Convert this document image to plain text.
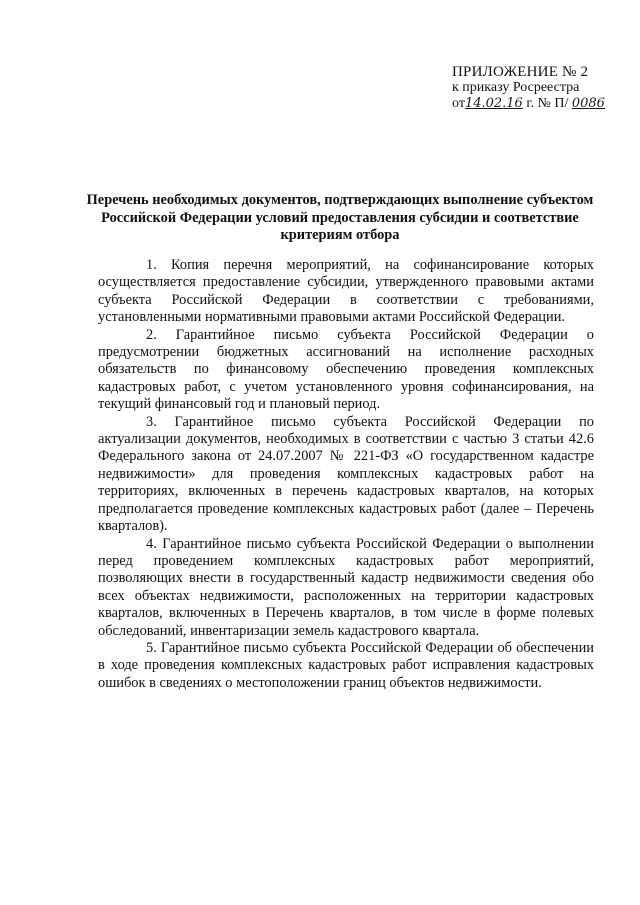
ПРИЛОЖЕНИЕ № 2
к приказу Росреестра
от14.02.16 г. № П/ 0086
Перечень необходимых документов, подтверждающих выполнение субъектом Российской Федерации условий предоставления субсидии и соответствие критериям отбора

1. Копия перечня мероприятий, на софинансирование которых осуществляется предоставление субсидии, утвержденного правовыми актами субъекта Российской Федерации в соответствии с требованиями, установленными нормативными правовыми актами Российской Федерации.

2. Гарантийное письмо субъекта Российской Федерации о предусмотрении бюджетных ассигнований на исполнение расходных обязательств по финансовому обеспечению проведения комплексных кадастровых работ, с учетом установленного уровня софинансирования, на текущий финансовый год и плановый период.

3. Гарантийное письмо субъекта Российской Федерации по актуализации документов, необходимых в соответствии с частью 3 статьи 42.6 Федерального закона от 24.07.2007 № 221-ФЗ «О государственном кадастре недвижимости» для проведения комплексных кадастровых работ на территориях, включенных в перечень кадастровых кварталов, на которых предполагается проведение комплексных кадастровых работ (далее – Перечень кварталов).

4. Гарантийное письмо субъекта Российской Федерации о выполнении перед проведением комплексных кадастровых работ мероприятий, позволяющих внести в государственный кадастр недвижимости сведения обо всех объектах недвижимости, расположенных на территории кадастровых кварталов, включенных в Перечень кварталов, в том числе в форме полевых обследований, инвентаризации земель кадастрового квартала.

5. Гарантийное письмо субъекта Российской Федерации об обеспечении в ходе проведения комплексных кадастровых работ исправления кадастровых ошибок в сведениях о местоположении границ объектов недвижимости.
